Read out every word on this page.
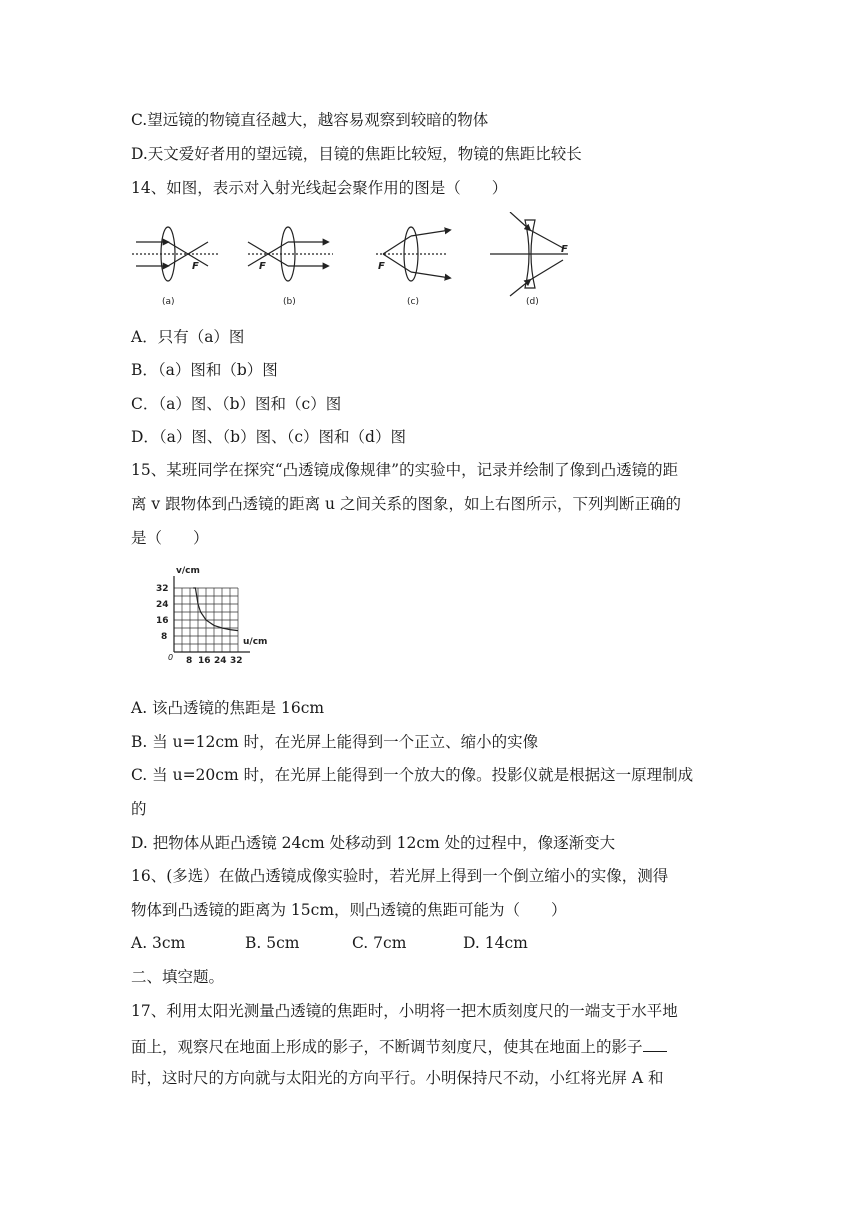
C.望远镜的物镜直径越大，越容易观察到较暗的物体
D.天文爱好者用的望远镜，目镜的焦距比较短，物镜的焦距比较长
14、如图，表示对入射光线起会聚作用的图是（　　）
F
(a)
F
(b)
F
(c)
F
(d)
A．只有（a）图
B．（a）图和（b）图
C．（a）图、（b）图和（c）图
D．（a）图、（b）图、（c）图和（d）图
15、某班同学在探究“凸透镜成像规律”的实验中，记录并绘制了像到凸透镜的距
离 v 跟物体到凸透镜的距离 u 之间关系的图象，如上右图所示，下列判断正确的
是（　　）
v/cm
u/cm
0
32
24
16
8
8 16 24 32
A. 该凸透镜的焦距是 16cm
B. 当 u=12cm 时，在光屏上能得到一个正立、缩小的实像
C. 当 u=20cm 时，在光屏上能得到一个放大的像。投影仪就是根据这一原理制成
的
D. 把物体从距凸透镜 24cm 处移动到 12cm 处的过程中，像逐渐变大
16、(多选）在做凸透镜成像实验时，若光屏上得到一个倒立缩小的实像，测得
物体到凸透镜的距离为 15cm，则凸透镜的焦距可能为（　　）
A. 3cm	B. 5cm	C. 7cm	D. 14cm
二、填空题。
17、利用太阳光测量凸透镜的焦距时，小明将一把木质刻度尺的一端支于水平地
面上，观察尺在地面上形成的影子，不断调节刻度尺，使其在地面上的影子
时，这时尺的方向就与太阳光的方向平行。小明保持尺不动，小红将光屏 A 和
